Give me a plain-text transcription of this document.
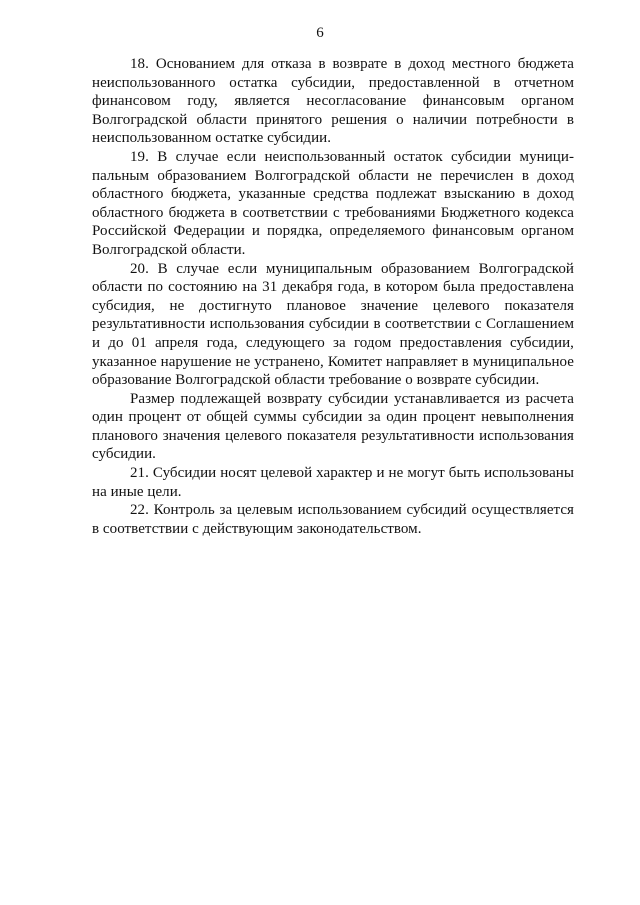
6

18. Основанием для отказа в возврате в доход местного бюджета неиспользованного остатка субсидии, предоставленной в отчетном финансовом году, является несогласование финансовым органом Волгоградской области принятого решения о наличии потребности в неиспользованном остатке субсидии.

19. В случае если неиспользованный остаток субсидии муници-пальным образованием Волгоградской области не перечислен в доход областного бюджета, указанные средства подлежат взысканию в доход областного бюджета в соответствии с требованиями Бюджетного кодекса Российской Федерации и порядка, определяемого финансовым органом Волгоградской области.

20. В случае если муниципальным образованием Волгоградской области по состоянию на 31 декабря года, в котором была предоставлена субсидия, не достигнуто плановое значение целевого показателя результативности использования субсидии в соответствии с Соглашением и до 01 апреля года, следующего за годом предоставления субсидии, указанное нарушение не устранено, Комитет направляет в муниципальное образование Волгоградской области требование о возврате субсидии.

Размер подлежащей возврату субсидии устанавливается из расчета один процент от общей суммы субсидии за один процент невыполнения планового значения целевого показателя результативности использования субсидии.

21. Субсидии носят целевой характер и не могут быть использованы на иные цели.

22. Контроль за целевым использованием субсидий осуществляется в соответствии с действующим законодательством.
